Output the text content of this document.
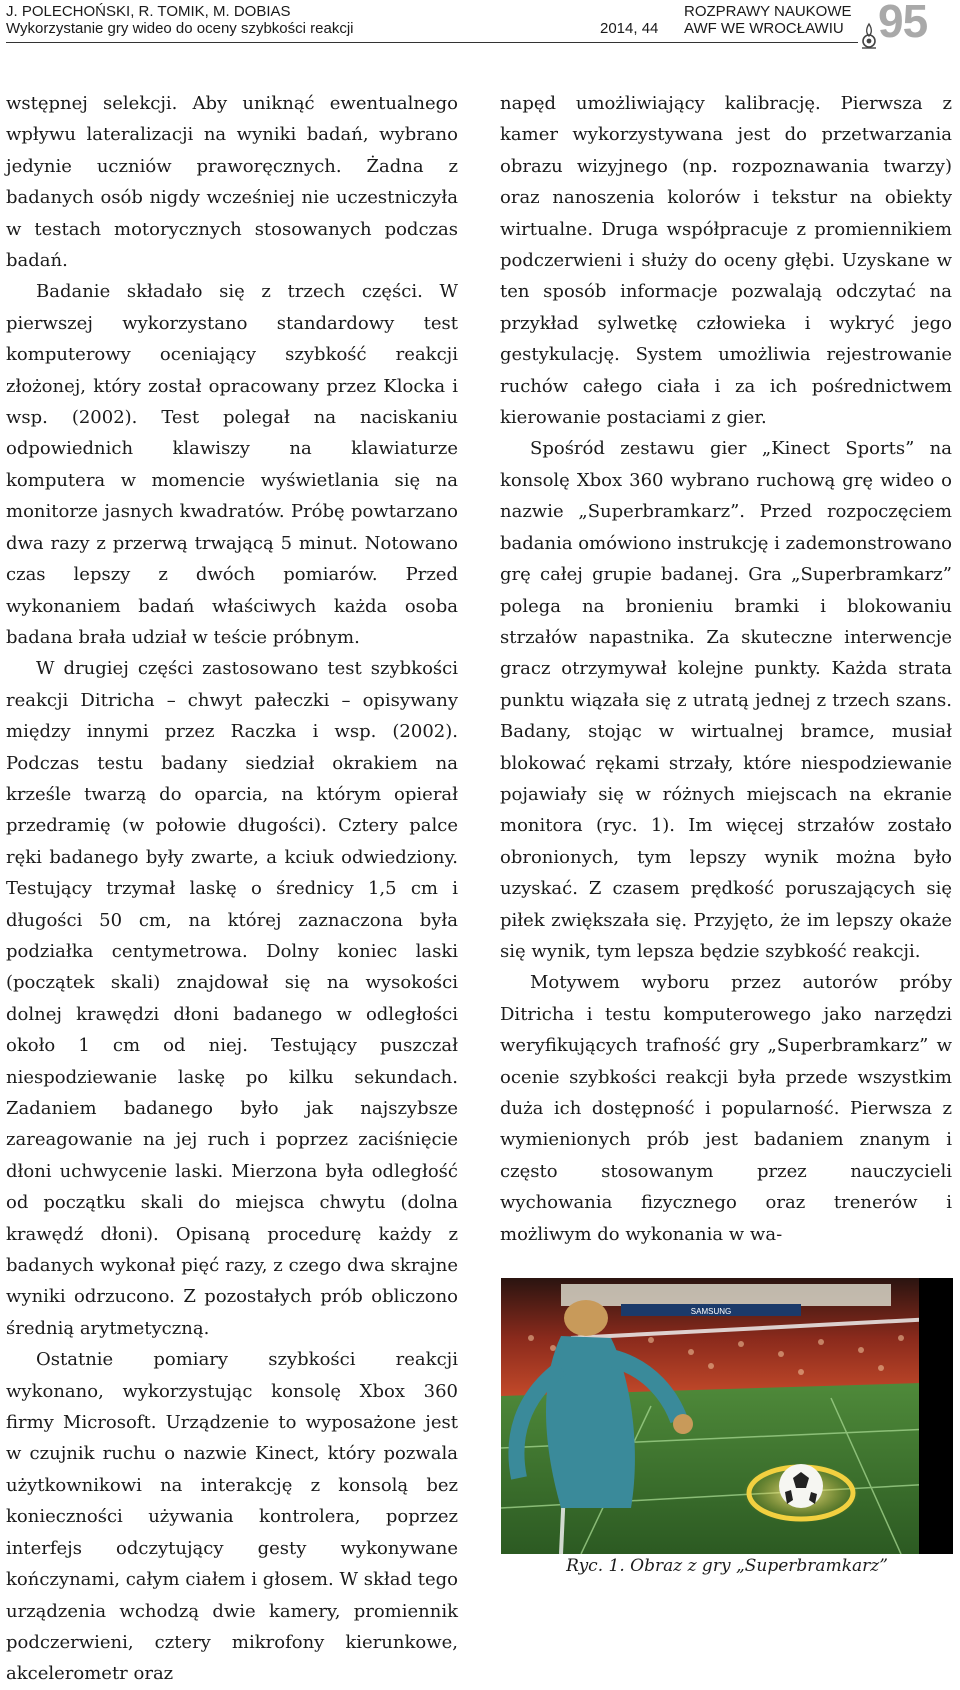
J. POLECHOŃSKI, R. TOMIK, M. DOBIAS
Wykorzystanie gry wideo do oceny szybkości reakcji	2014, 44
ROZPRAWY NAUKOWE
AWF WE WROCŁAWIU 95

wstępnej selekcji. Aby uniknąć ewentualnego wpływu lateralizacji na wyniki badań, wybrano jedynie uczniów praworęcznych. Żadna z badanych osób nigdy wcześniej nie uczestniczyła w testach motorycznych stosowanych podczas badań.

Badanie składało się z trzech części. W pierwszej wykorzystano standardowy test komputerowy oceniający szybkość reakcji złożonej, który został opracowany przez Klocka i wsp. (2002). Test polegał na naciskaniu odpowiednich klawiszy na klawiaturze komputera w momencie wyświetlania się na monitorze jasnych kwadratów. Próbę powtarzano dwa razy z przerwą trwającą 5 minut. Notowano czas lepszy z dwóch pomiarów. Przed wykonaniem badań właściwych każda osoba badana brała udział w teście próbnym.

W drugiej części zastosowano test szybkości reakcji Ditricha – chwyt pałeczki – opisywany między innymi przez Raczka i wsp. (2002). Podczas testu badany siedział okrakiem na krześle twarzą do oparcia, na którym opierał przedramię (w połowie długości). Cztery palce ręki badanego były zwarte, a kciuk odwiedziony. Testujący trzymał laskę o średnicy 1,5 cm i długości 50 cm, na której zaznaczona była podziałka centymetrowa. Dolny koniec laski (początek skali) znajdował się na wysokości dolnej krawędzi dłoni badanego w odległości około 1 cm od niej. Testujący puszczał niespodziewanie laskę po kilku sekundach. Zadaniem badanego było jak najszybsze zareagowanie na jej ruch i poprzez zaciśnięcie dłoni uchwycenie laski. Mierzona była odległość od początku skali do miejsca chwytu (dolna krawędź dłoni). Opisaną procedurę każdy z badanych wykonał pięć razy, z czego dwa skrajne wyniki odrzucono. Z pozostałych prób obliczono średnią arytmetyczną.

Ostatnie pomiary szybkości reakcji wykonano, wykorzystując konsolę Xbox 360 firmy Microsoft. Urządzenie to wyposażone jest w czujnik ruchu o nazwie Kinect, który pozwala użytkownikowi na interakcję z konsolą bez konieczności używania kontrolera, poprzez interfejs odczytujący gesty wykonywane kończynami, całym ciałem i głosem. W skład tego urządzenia wchodzą dwie kamery, promiennik podczerwieni, cztery mikrofony kierunkowe, akcelerometr oraz

napęd umożliwiający kalibrację. Pierwsza z kamer wykorzystywana jest do przetwarzania obrazu wizyjnego (np. rozpoznawania twarzy) oraz nanoszenia kolorów i tekstur na obiekty wirtualne. Druga współpracuje z promiennikiem podczerwieni i służy do oceny głębi. Uzyskane w ten sposób informacje pozwalają odczytać na przykład sylwetkę człowieka i wykryć jego gestykulację. System umożliwia rejestrowanie ruchów całego ciała i za ich pośrednictwem kierowanie postaciami z gier.

Spośród zestawu gier „Kinect Sports” na konsolę Xbox 360 wybrano ruchową grę wideo o nazwie „Superbramkarz”. Przed rozpoczęciem badania omówiono instrukcję i zademonstrowano grę całej grupie badanej. Gra „Superbramkarz” polega na bronieniu bramki i blokowaniu strzałów napastnika. Za skuteczne interwencje gracz otrzymywał kolejne punkty. Każda strata punktu wiązała się z utratą jednej z trzech szans. Badany, stojąc w wirtualnej bramce, musiał blokować rękami strzały, które niespodziewanie pojawiały się w różnych miejscach na ekranie monitora (ryc. 1). Im więcej strzałów zostało obronionych, tym lepszy wynik można było uzyskać. Z czasem prędkość poruszających się piłek zwiększała się. Przyjęto, że im lepszy okaże się wynik, tym lepsza będzie szybkość reakcji.

Motywem wyboru przez autorów próby Ditricha i testu komputerowego jako narzędzi weryfikujących trafność gry „Superbramkarz” w ocenie szybkości reakcji była przede wszystkim duża ich dostępność i popularność. Pierwsza z wymienionych prób jest badaniem znanym i często stosowanym przez nauczycieli wychowania fizycznego oraz trenerów i możliwym do wykonania w wa-

SAMSUNG
Ryc. 1. Obraz z gry „Superbramkarz”
